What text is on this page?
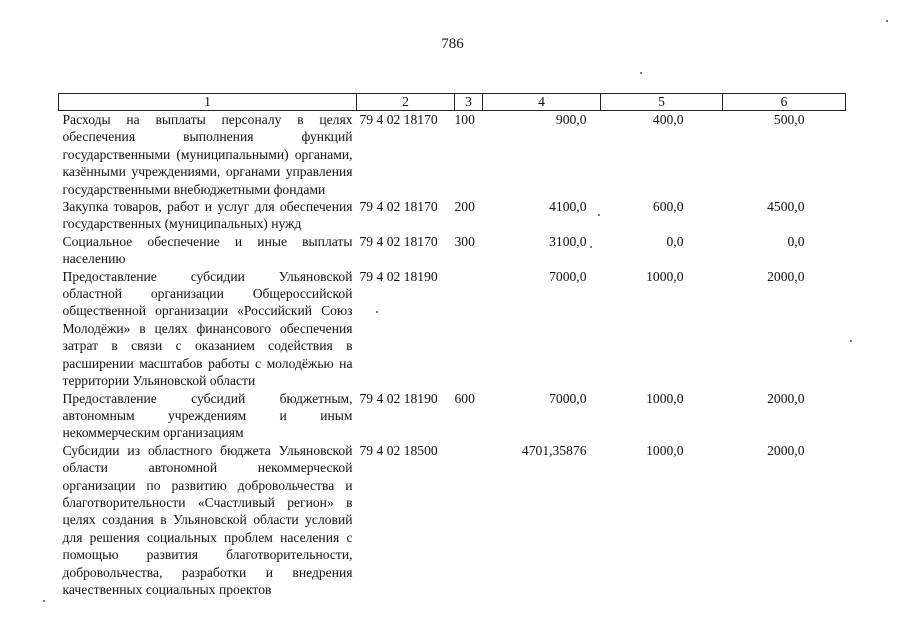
786
1	2	3	4	5	6
Расходы на выплаты персоналу в целях обеспечения выполнения функций государственными (муниципальными) органами, казёнными учреждениями, органами управления государственными внебюджетными фондами	79 4 02 18170	100	900,0	400,0	500,0
Закупка товаров, работ и услуг для обеспечения государственных (муниципальных) нужд	79 4 02 18170	200	4100,0	600,0	4500,0
Социальное обеспечение и иные выплаты населению	79 4 02 18170	300	3100,0	0,0	0,0
Предоставление субсидии Ульяновской областной организации Общероссийской общественной организации «Российский Союз Молодёжи» в целях финансового обеспечения затрат в связи с оказанием содействия в расширении масштабов работы с молодёжью на территории Ульяновской области	79 4 02 18190		7000,0	1000,0	2000,0
Предоставление субсидий бюджетным, автономным учреждениям и иным некоммерческим организациям	79 4 02 18190	600	7000,0	1000,0	2000,0
Субсидии из областного бюджета Ульяновской области автономной некоммерческой организации по развитию добровольчества и благотворительности «Счастливый регион» в целях создания в Ульяновской области условий для решения социальных проблем населения с помощью развития благотворительности, добровольчества, разработки и внедрения качественных социальных проектов	79 4 02 18500		4701,35876	1000,0	2000,0
